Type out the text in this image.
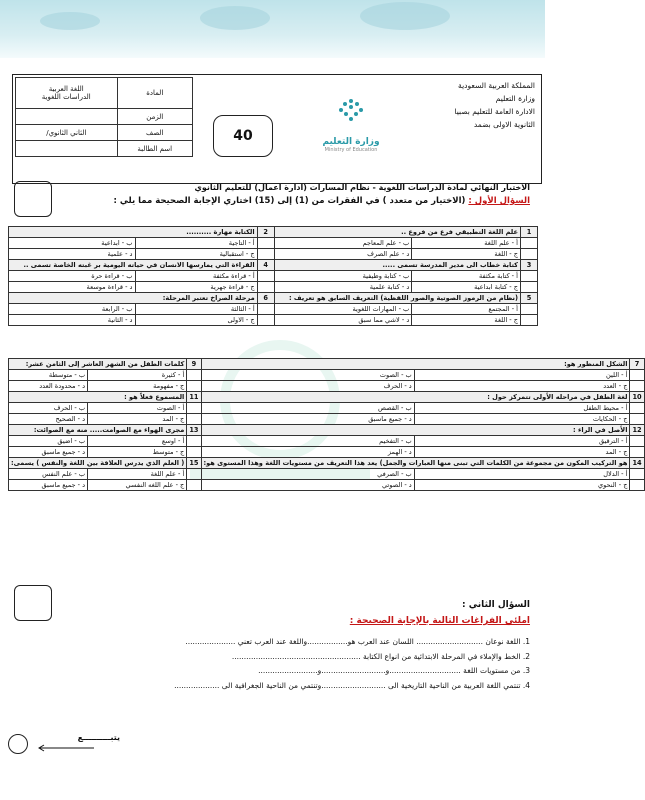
المملكة العربية السعودية
وزارة التعليم
الادارة العامة للتعليم بصبيا
الثانوية الاولى بضمد
وزارة التعليم
Ministry of Education
40
المادة	اللغة العربية
الدراسات اللغوية
الزمن	
الصف	الثاني الثانوي/
اسم الطالبة	
الاختبار النهائي لمادة الدراسات اللغوية - نظام المسارات (ادارة اعمال) للتعليم الثانوي
السؤال الأول : (الاختيار من متعدد ) في الفقرات من (1) إلى (15) اختاري الإجابة الصحيحة مما يلي :
1	علم اللغة التطبيقي فرع من فروع ..		2	الكتابة مهارة ..........	
	أ - علم اللغة	ب - علم المعاجم		أ - التاجية	ب - ابداعية
	ج - اللغة	د - علم الصرف		ج - استقبالية	د - علمية
3	كتابة خطاب الى مدير المدرسة تسمى .....		4	القراءة التي يمارسها الانسان في حياته اليومية بر غبته الخاصة تسمى ..	
	أ - كتابة مكثفة	ب - كتابة وظيفية		أ - قراءة مكثفة	ب - قراءة حرة
	ج - كتابة ابداعية	د - كتابة علمية		ج - قراءة جهرية	د - قراءة موسعة
5	(نظام من الرموز الصوتية والصور اللفظية) التعريف السابق هو تعريف :		6	مرحلة الصراخ تعتبر المرحلة:	
	أ - المجتمع	ب - المهارات اللغوية		أ - الثالثة	ب - الرابعة
	ج - اللغة	د - لاشي مما سبق		ج - الاولى	د - الثانية
7	الشكل المنظور هو:		9	كلمات الطفل من الشهر العاشر إلى الثامن عشر:	
	أ - اللين	ب - الصوت		أ - كثيرة	ب - متوسطة
	ج - العدد	د - الحرف		ج - مفهومة	د - محدودة العدد
10	لغة الطفل في مراحله الأولى تتمركز حول :		11	المسموع فعلاً هو :	
	أ - محيط الطفل	ب - القصص		أ - الصوت	ب - الحرف
	ج - الحكايات	د - جميع ماسبق		ج - المد	د - الصحيح
12	الأصل في الراء :		13	مجرى الهواء مع الصوامت..... منه مع الصوائت:	
	أ - الترقيق	ب - التفخيم		أ - اوسع	ب - اضيق
	ج - المد	د - الهمز		ج - متوسط	د - جميع ماسبق
14	هو التركيب المكون من مجموعة من الكلمات التي تبنى منها العبارات والجمل) يعد هذا التعريف من مستويات اللغة وهذا المستوى هو:		15	( العلم الذي يدرس العلاقة بين اللغة والنفس ) يسمى:	
	أ - الدلال	ب - الصرفي		أ - علم اللغة	ب - علم النفس
	ج - النحوي	د - الصوتي		ج - علم اللغه النفسي	د - جميع ماسبق
السؤال الثاني :
املئي الفراغات التالية بالإجابة الصحيحة :
1. اللغة نوعان ............................ اللسان عند العرب هو.................واللغة عند العرب تعني .....................
2. الخط والإملاء في المرحلة الابتدائية من انواع الكتابة ......................................................
3. من مستويات اللغة ..............................و...........................و.........................
4. تنتمي اللغة العربية من الناحية التاريخية الى ...........................وتنتمي من الناحية الجغرافية الى ...................
يتبــــــــــع
